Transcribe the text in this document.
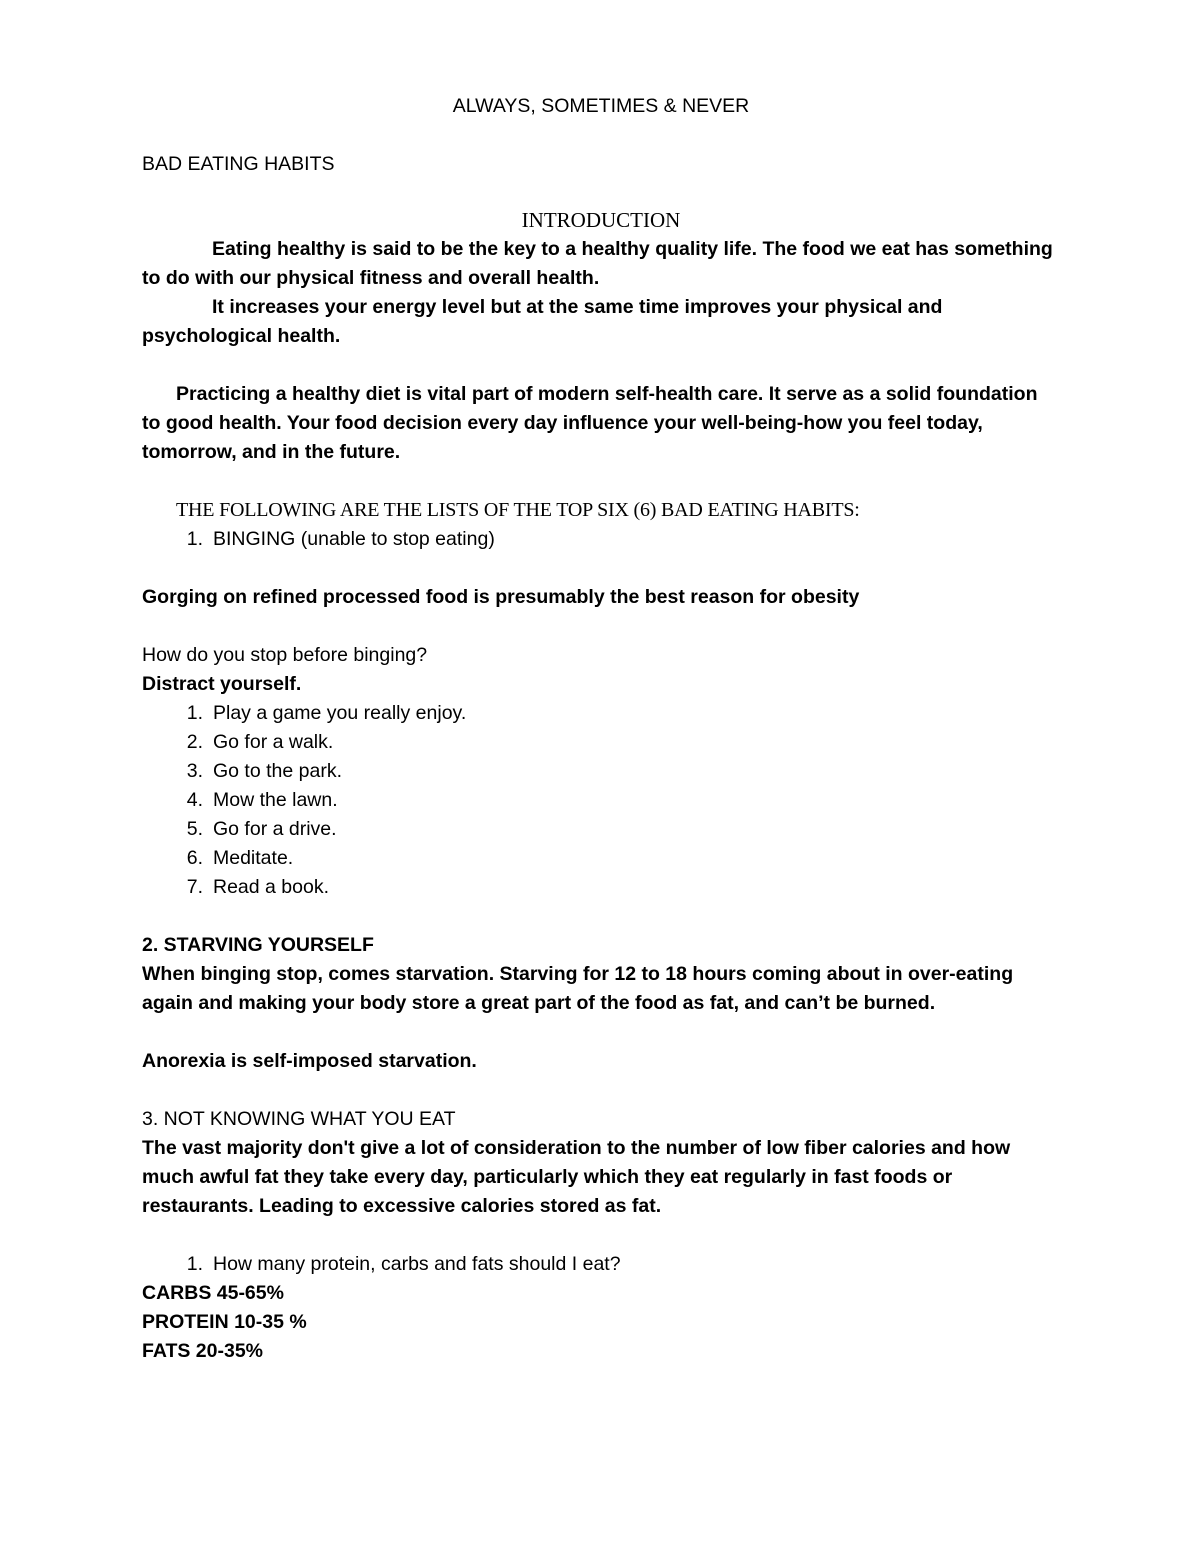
ALWAYS, SOMETIMES & NEVER

BAD EATING HABITS

INTRODUCTION

Eating healthy is said to be the key to a healthy quality life. The food we eat has something to do with our physical fitness and overall health.

It increases your energy level but at the same time improves your physical and psychological health.

Practicing a healthy diet is vital part of modern self-health care. It serve as a solid foundation to good health. Your food decision every day influence your well-being-how you feel today, tomorrow, and in the future.

THE FOLLOWING ARE THE LISTS OF THE TOP SIX (6) BAD EATING HABITS:

1. BINGING (unable to stop eating)

Gorging on refined processed food is presumably the best reason for obesity

How do you stop before binging?

Distract yourself.

1. Play a game you really enjoy.
2. Go for a walk.
3. Go to the park.
4. Mow the lawn.
5. Go for a drive.
6. Meditate.
7. Read a book.

2. STARVING YOURSELF

When binging stop, comes starvation. Starving for 12 to 18 hours coming about in over-eating again and making your body store a great part of the food as fat, and can’t be burned.

Anorexia is self-imposed starvation.

3. NOT KNOWING WHAT YOU EAT

The vast majority don't give a lot of consideration to the number of low fiber calories and how much awful fat they take every day, particularly which they eat regularly in fast foods or restaurants. Leading to excessive calories stored as fat.

1. How many protein, carbs and fats should I eat?

CARBS 45-65%

PROTEIN 10-35 %

FATS 20-35%
